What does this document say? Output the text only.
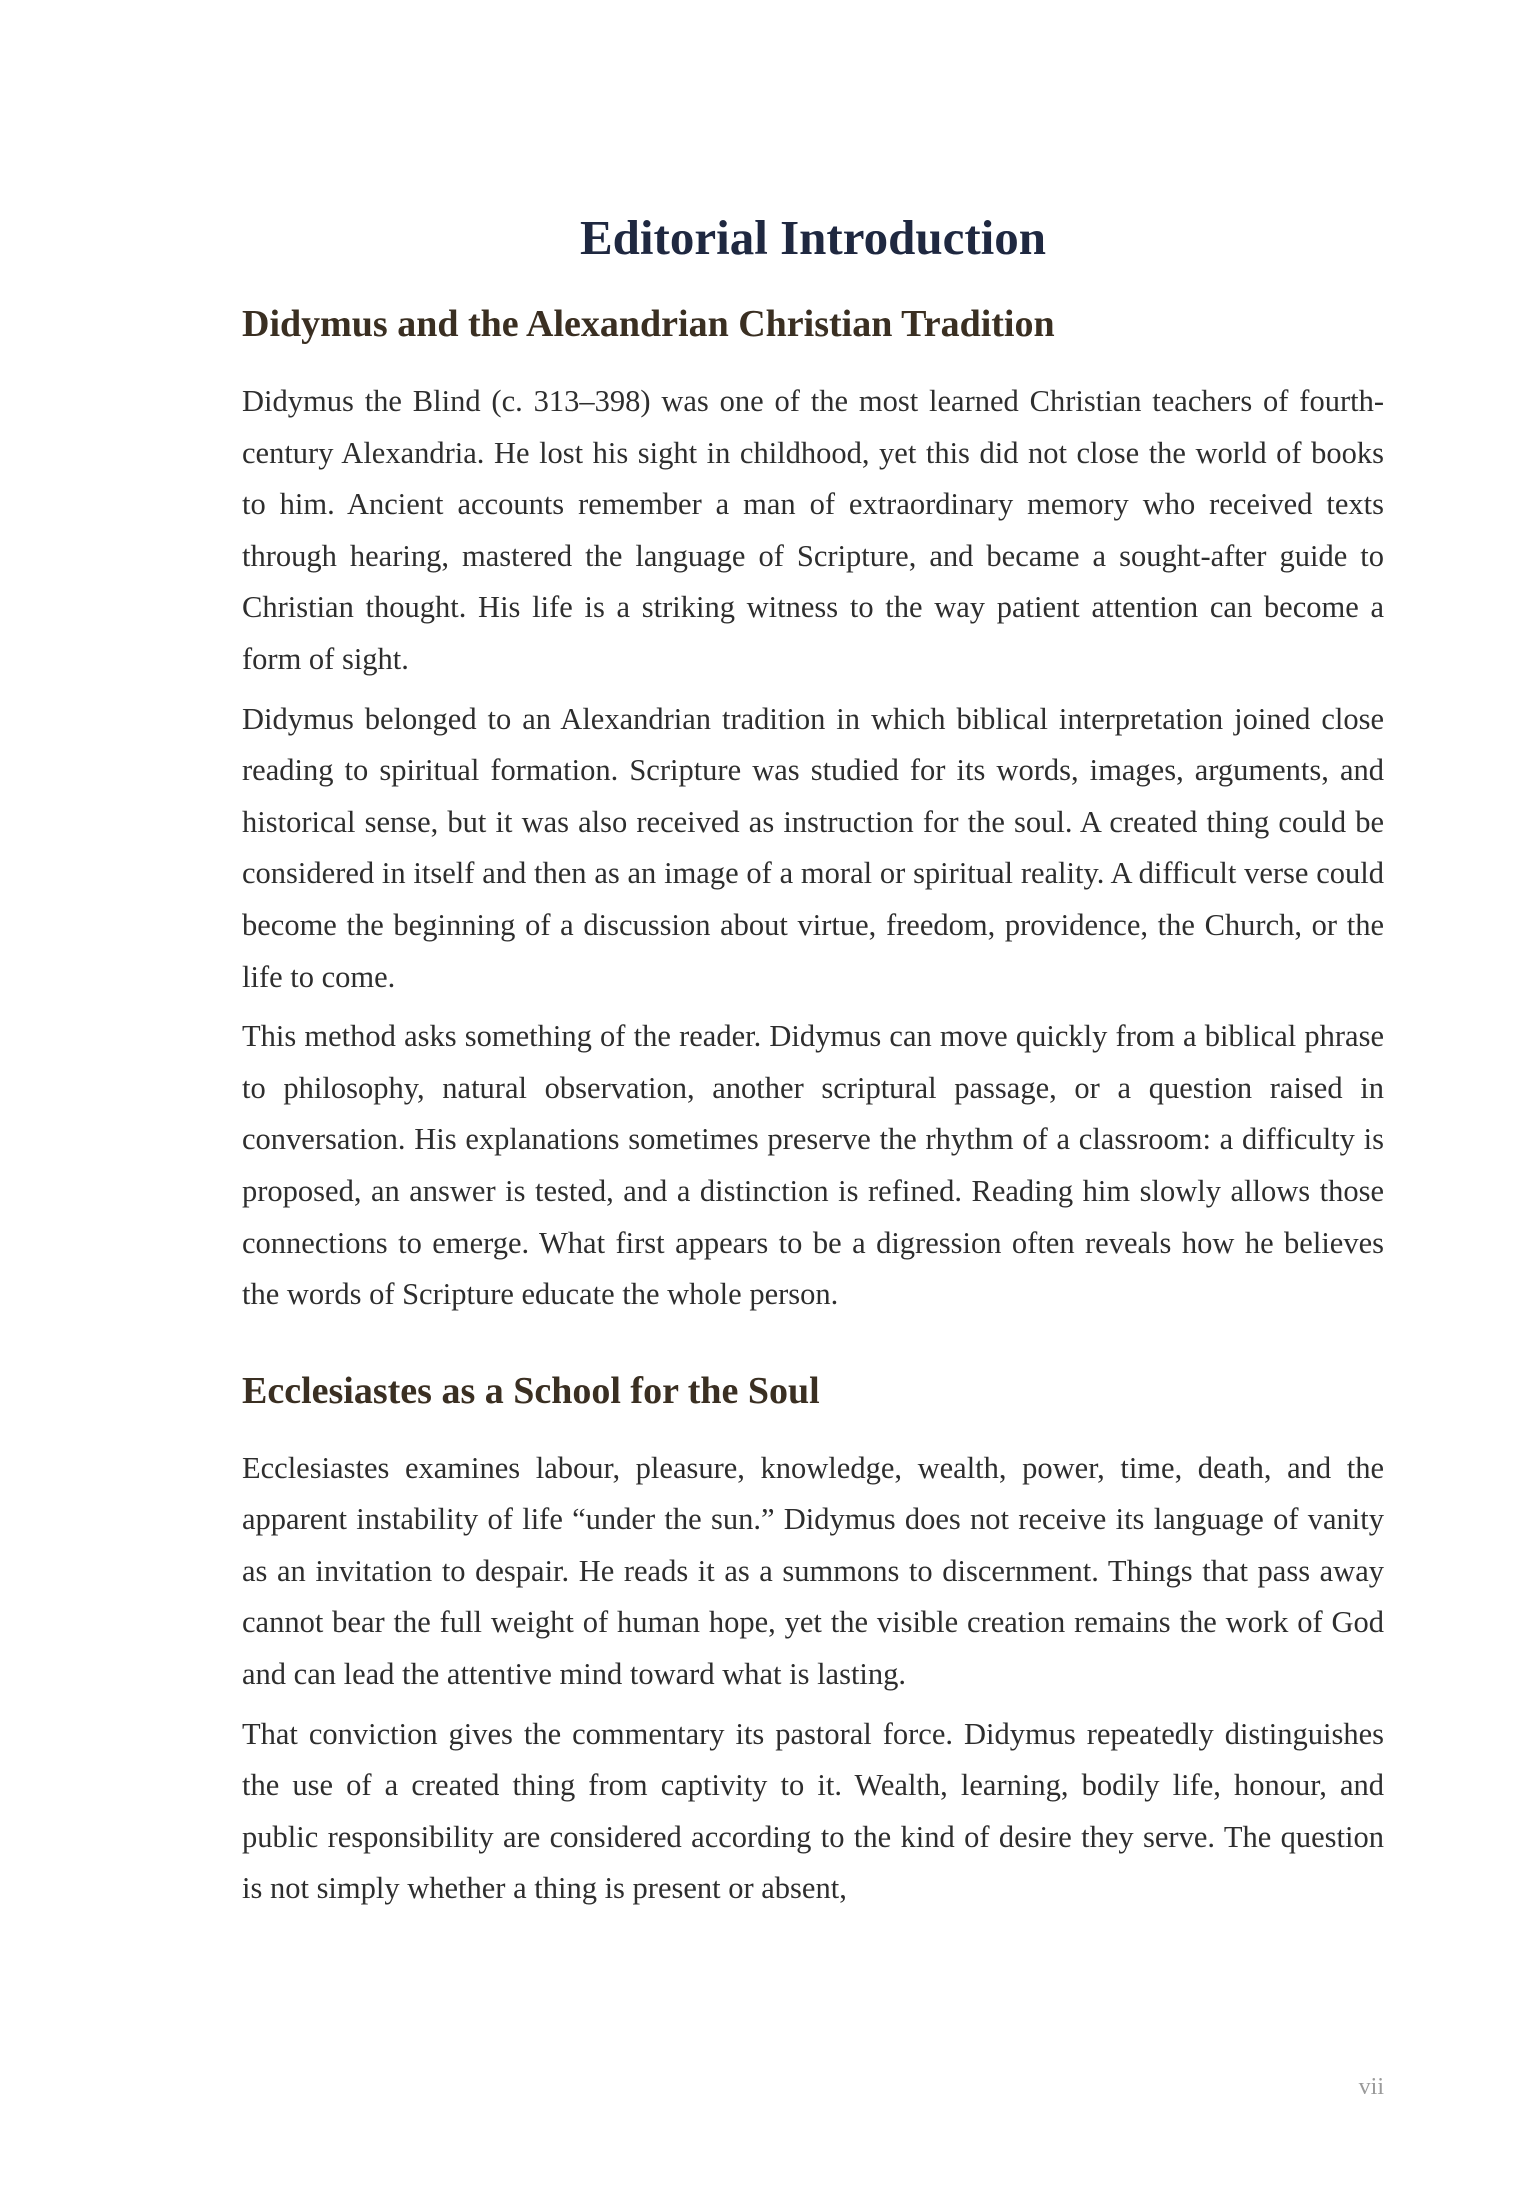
Editorial Introduction
Didymus and the Alexandrian Christian Tradition

Didymus the Blind (c. 313–398) was one of the most learned Christian teachers of fourth-century Alexandria. He lost his sight in childhood, yet this did not close the world of books to him. Ancient accounts remember a man of extraordinary memory who received texts through hearing, mastered the language of Scripture, and became a sought-after guide to Christian thought. His life is a striking witness to the way patient attention can become a form of sight.

Didymus belonged to an Alexandrian tradition in which biblical interpretation joined close reading to spiritual formation. Scripture was studied for its words, images, arguments, and historical sense, but it was also received as instruction for the soul. A created thing could be considered in itself and then as an image of a moral or spiritual reality. A difficult verse could become the beginning of a discussion about virtue, freedom, providence, the Church, or the life to come.

This method asks something of the reader. Didymus can move quickly from a biblical phrase to philosophy, natural observation, another scriptural passage, or a question raised in conversation. His explanations sometimes preserve the rhythm of a classroom: a difficulty is proposed, an answer is tested, and a distinction is refined. Reading him slowly allows those connections to emerge. What first appears to be a digression often reveals how he believes the words of Scripture educate the whole person.

Ecclesiastes as a School for the Soul

Ecclesiastes examines labour, pleasure, knowledge, wealth, power, time, death, and the apparent instability of life “under the sun.” Didymus does not receive its language of vanity as an invitation to despair. He reads it as a summons to discernment. Things that pass away cannot bear the full weight of human hope, yet the visible creation remains the work of God and can lead the attentive mind toward what is lasting.

That conviction gives the commentary its pastoral force. Didymus repeatedly distinguishes the use of a created thing from captivity to it. Wealth, learning, bodily life, honour, and public responsibility are considered according to the kind of desire they serve. The question is not simply whether a thing is present or absent,

vii
